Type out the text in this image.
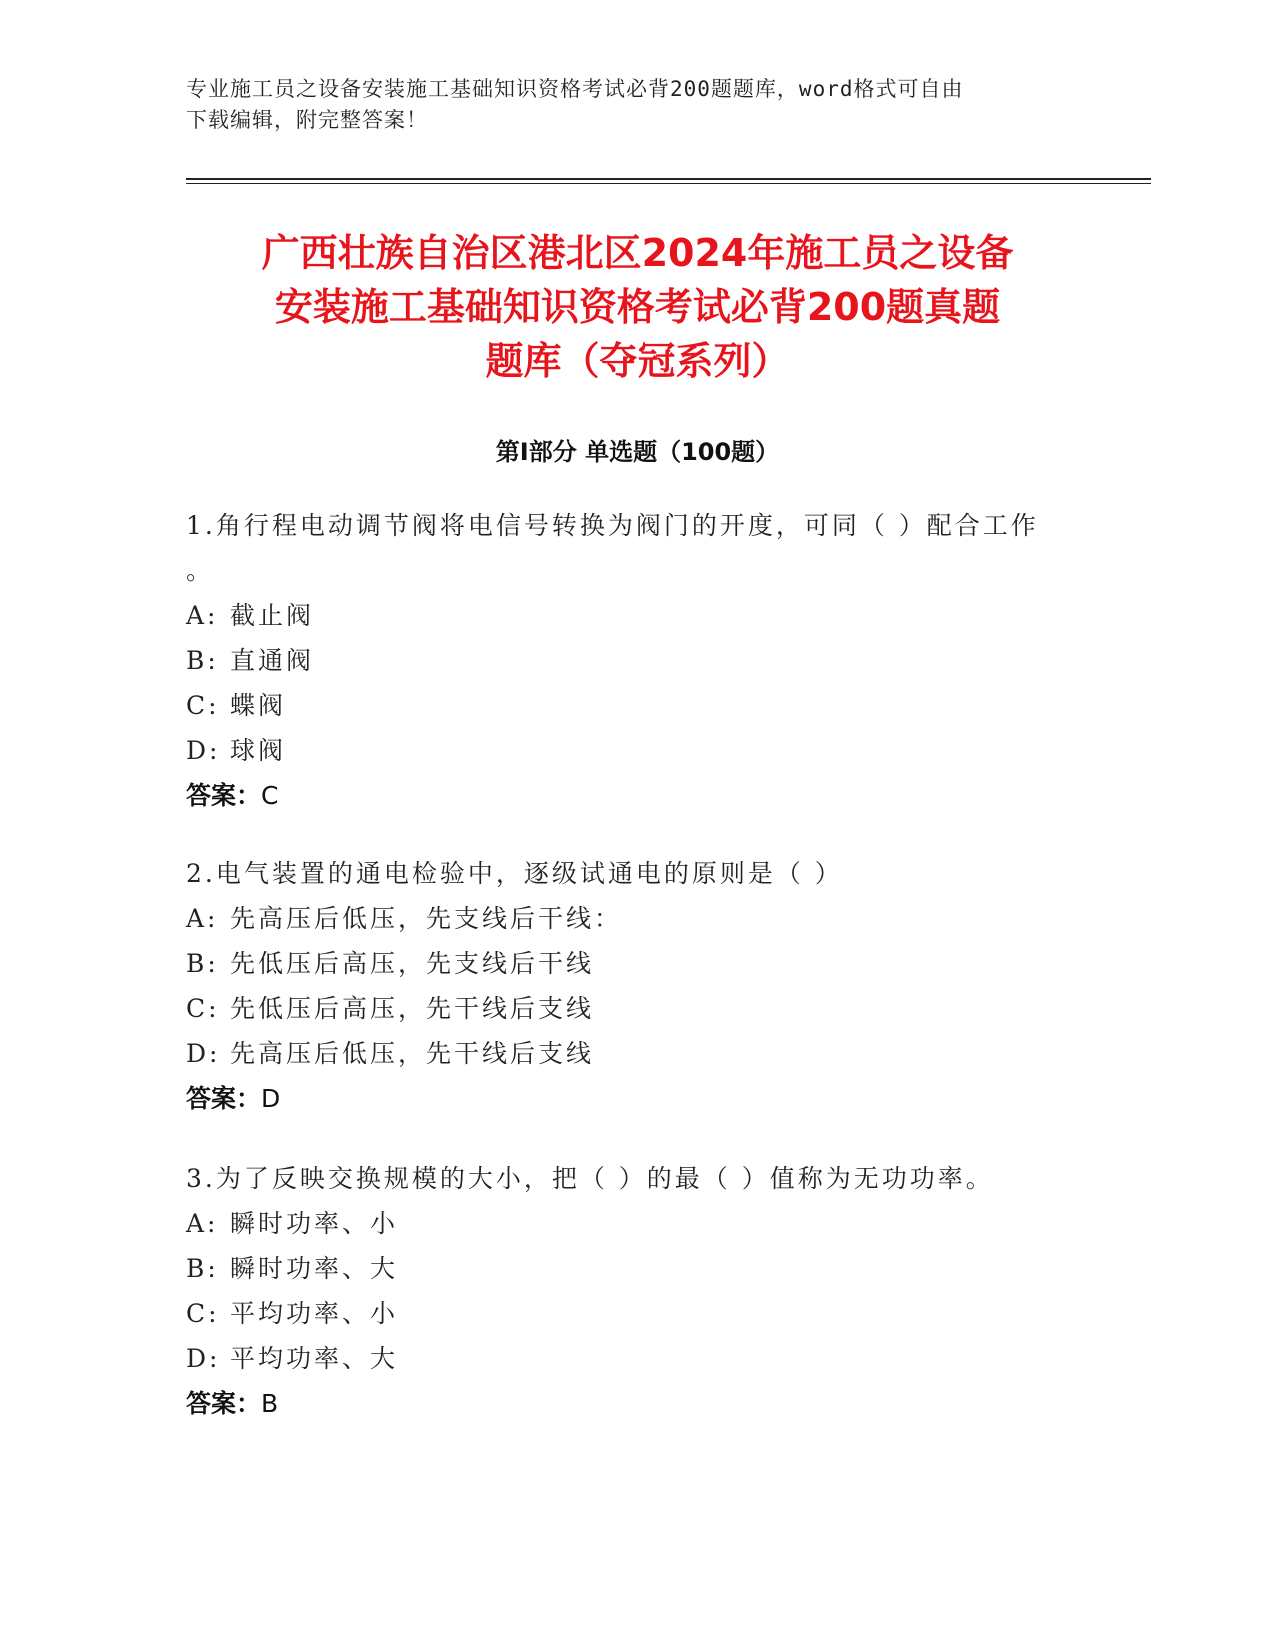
专业施工员之设备安装施工基础知识资格考试必背200题题库，word格式可自由
下载编辑，附完整答案！
广西壮族自治区港北区2024年施工员之设备
安装施工基础知识资格考试必背200题真题
题库（夺冠系列）
第Ⅰ部分 单选题（100题）

1.角行程电动调节阀将电信号转换为阀门的开度，可同（ ）配合工作

。

A: 截止阀

B: 直通阀

C: 蝶阀

D: 球阀

答案：C

2.电气装置的通电检验中，逐级试通电的原则是（ ）

A: 先高压后低压，先支线后干线：

B: 先低压后高压，先支线后干线

C: 先低压后高压，先干线后支线

D: 先高压后低压，先干线后支线

答案：D

3.为了反映交换规模的大小，把（ ）的最（ ）值称为无功功率。

A: 瞬时功率、小

B: 瞬时功率、大

C: 平均功率、小

D: 平均功率、大

答案：B
